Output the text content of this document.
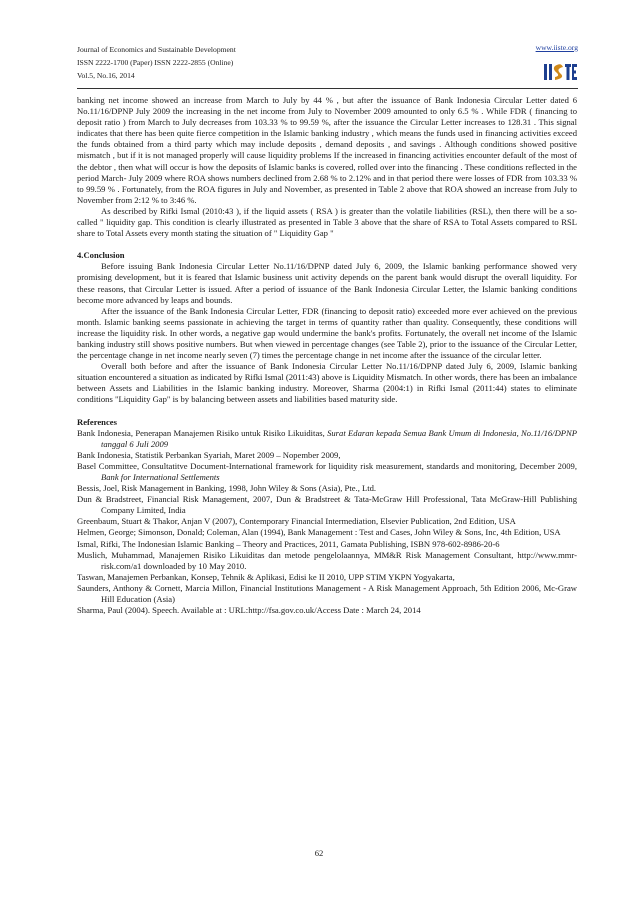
Journal of Economics and Sustainable Development
ISSN 2222-1700 (Paper) ISSN 2222-2855 (Online)
Vol.5, No.16, 2014
www.iiste.org

banking net income showed an increase from March to July by 44 % , but after the issuance of Bank Indonesia Circular Letter dated 6 No.11/16/DPNP July 2009 the increasing in the net income from July to November 2009 amounted to only 6.5 % . While FDR ( financing to deposit ratio ) from March to July decreases from 103.33 % to 99.59 %, after the issuance the Circular Letter increases to 128.31 . This signal indicates that there has been quite fierce competition in the Islamic banking industry , which means the funds used in financing activities exceed the funds obtained from a third party which may include deposits , demand deposits , and savings . Although conditions showed positive mismatch , but if it is not managed properly will cause liquidity problems If the increased in financing activities encounter default of the most of the debtor , then what will occur is how the deposits of Islamic banks is covered, rolled over into the financing . These conditions reflected in the period March- July 2009 where ROA shows numbers declined from 2.68 % to 2.12% and in that period there were losses of FDR from 103.33 % to 99.59 % . Fortunately, from the ROA figures in July and November, as presented in Table 2 above that ROA showed an increase from July to November from 2:12 % to 3:46 %.

As described by Rifki Ismal (2010:43 ), if the liquid assets ( RSA ) is greater than the volatile liabilities (RSL), then there will be a so-called " liquidity gap. This condition is clearly illustrated as presented in Table 3 above that the share of RSA to Total Assets compared to RSL share to Total Assets every month stating the situation of " Liquidity Gap "

4.Conclusion

Before issuing Bank Indonesia Circular Letter No.11/16/DPNP dated July 6, 2009, the Islamic banking performance showed very promising development, but it is feared that Islamic business unit activity depends on the parent bank would disrupt the overall liquidity. For these reasons, that Circular Letter is issued. After a period of issuance of the Bank Indonesia Circular Letter, the Islamic banking conditions become more advanced by leaps and bounds.

After the issuance of the Bank Indonesia Circular Letter, FDR (financing to deposit ratio) exceeded more ever achieved on the previous month. Islamic banking seems passionate in achieving the target in terms of quantity rather than quality. Consequently, these conditions will increase the liquidity risk. In other words, a negative gap would undermine the bank's profits. Fortunately, the overall net income of the Islamic banking industry still shows positive numbers. But when viewed in percentage changes (see Table 2), prior to the issuance of the Circular Letter, the percentage change in net income nearly seven (7) times the percentage change in net income after the issuance of the circular letter.

Overall both before and after the issuance of Bank Indonesia Circular Letter No.11/16/DPNP dated July 6, 2009, Islamic banking situation encountered a situation as indicated by Rifki Ismal (2011:43) above is Liquidity Mismatch. In other words, there has been an imbalance between Assets and Liabilities in the Islamic banking industry. Moreover, Sharma (2004:1) in Rifki Ismal (2011:44) states to eliminate conditions "Liquidity Gap" is by balancing between assets and liabilities based maturity side.

References

Bank Indonesia, Penerapan Manajemen Risiko untuk Risiko Likuiditas, Surat Edaran kepada Semua Bank Umum di Indonesia, No.11/16/DPNP tanggal 6 Juli 2009

Bank Indonesia, Statistik Perbankan Syariah, Maret 2009 – Nopember 2009,

Basel Committee, Consultatitve Document-International framework for liquidity risk measurement, standards and monitoring, December 2009, Bank for International Settlements

Bessis, Joel, Risk Management in Banking, 1998, John Wiley & Sons (Asia), Pte., Ltd.

Dun & Bradstreet, Financial Risk Management, 2007, Dun & Bradstreet & Tata-McGraw Hill Professional, Tata McGraw-Hill Publishing Company Limited, India

Greenbaum, Stuart & Thakor, Anjan V (2007), Contemporary Financial Intermediation, Elsevier Publication, 2nd Edition, USA

Helmen, George; Simonson, Donald; Coleman, Alan (1994), Bank Management : Test and Cases, John Wiley & Sons, Inc, 4th Edition, USA

Ismal, Rifki, The Indonesian Islamic Banking – Theory and Practices, 2011, Gamata Publishing, ISBN 978-602-8986-20-6

Muslich, Muhammad, Manajemen Risiko Likuiditas dan metode pengelolaannya, MM&R Risk Management Consultant, http://www.mmr-risk.com/a1 downloaded by 10 May 2010.

Taswan, Manajemen Perbankan, Konsep, Tehnik & Aplikasi, Edisi ke II 2010, UPP STIM YKPN Yogyakarta,

Saunders, Anthony & Cornett, Marcia Millon, Financial Institutions Management - A Risk Management Approach, 5th Edition 2006, Mc-Graw Hill Education (Asia)

Sharma, Paul (2004). Speech. Available at : URL:http://fsa.gov.co.uk/Access Date : March 24, 2014

62
